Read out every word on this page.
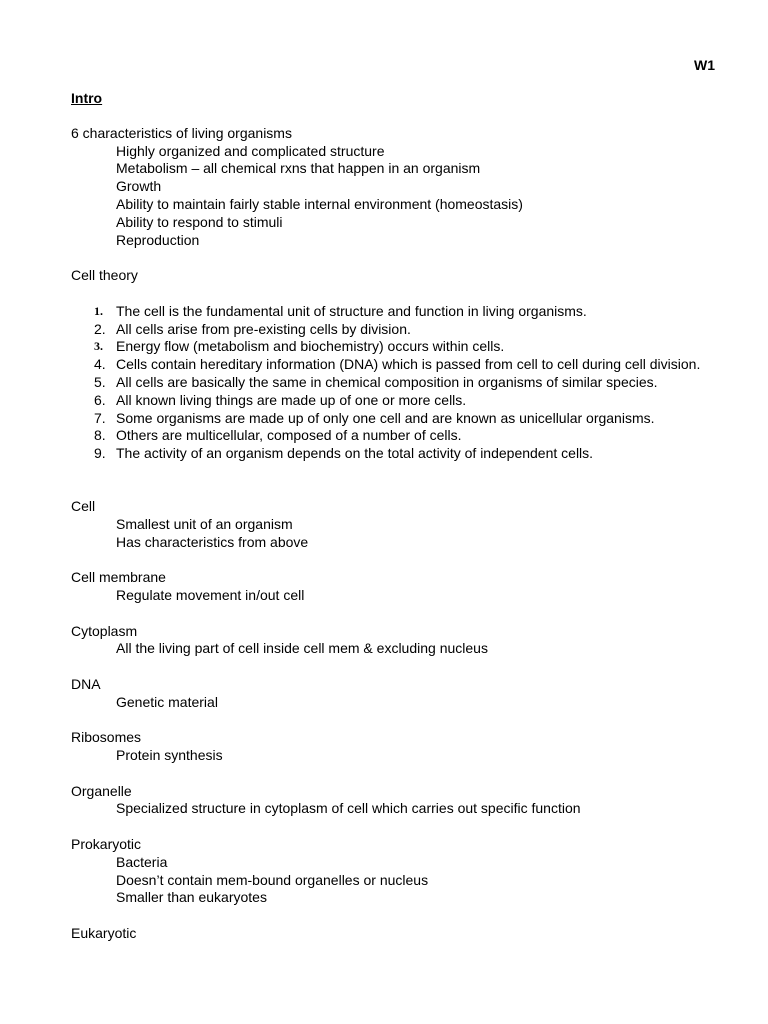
W1
Intro
6 characteristics of living organisms
Highly organized and complicated structure
Metabolism – all chemical rxns that happen in an organism
Growth
Ability to maintain fairly stable internal environment (homeostasis)
Ability to respond to stimuli
Reproduction
Cell theory
1. The cell is the fundamental unit of structure and function in living organisms.
2. All cells arise from pre-existing cells by division.
3. Energy flow (metabolism and biochemistry) occurs within cells.
4. Cells contain hereditary information (DNA) which is passed from cell to cell during cell division.
5. All cells are basically the same in chemical composition in organisms of similar species.
6. All known living things are made up of one or more cells.
7. Some organisms are made up of only one cell and are known as unicellular organisms.
8. Others are multicellular, composed of a number of cells.
9. The activity of an organism depends on the total activity of independent cells.
Cell
Smallest unit of an organism
Has characteristics from above
Cell membrane
Regulate movement in/out cell
Cytoplasm
All the living part of cell inside cell mem & excluding nucleus
DNA
Genetic material
Ribosomes
Protein synthesis
Organelle
Specialized structure in cytoplasm of cell which carries out specific function
Prokaryotic
Bacteria
Doesn’t contain mem-bound organelles or nucleus
Smaller than eukaryotes
Eukaryotic
